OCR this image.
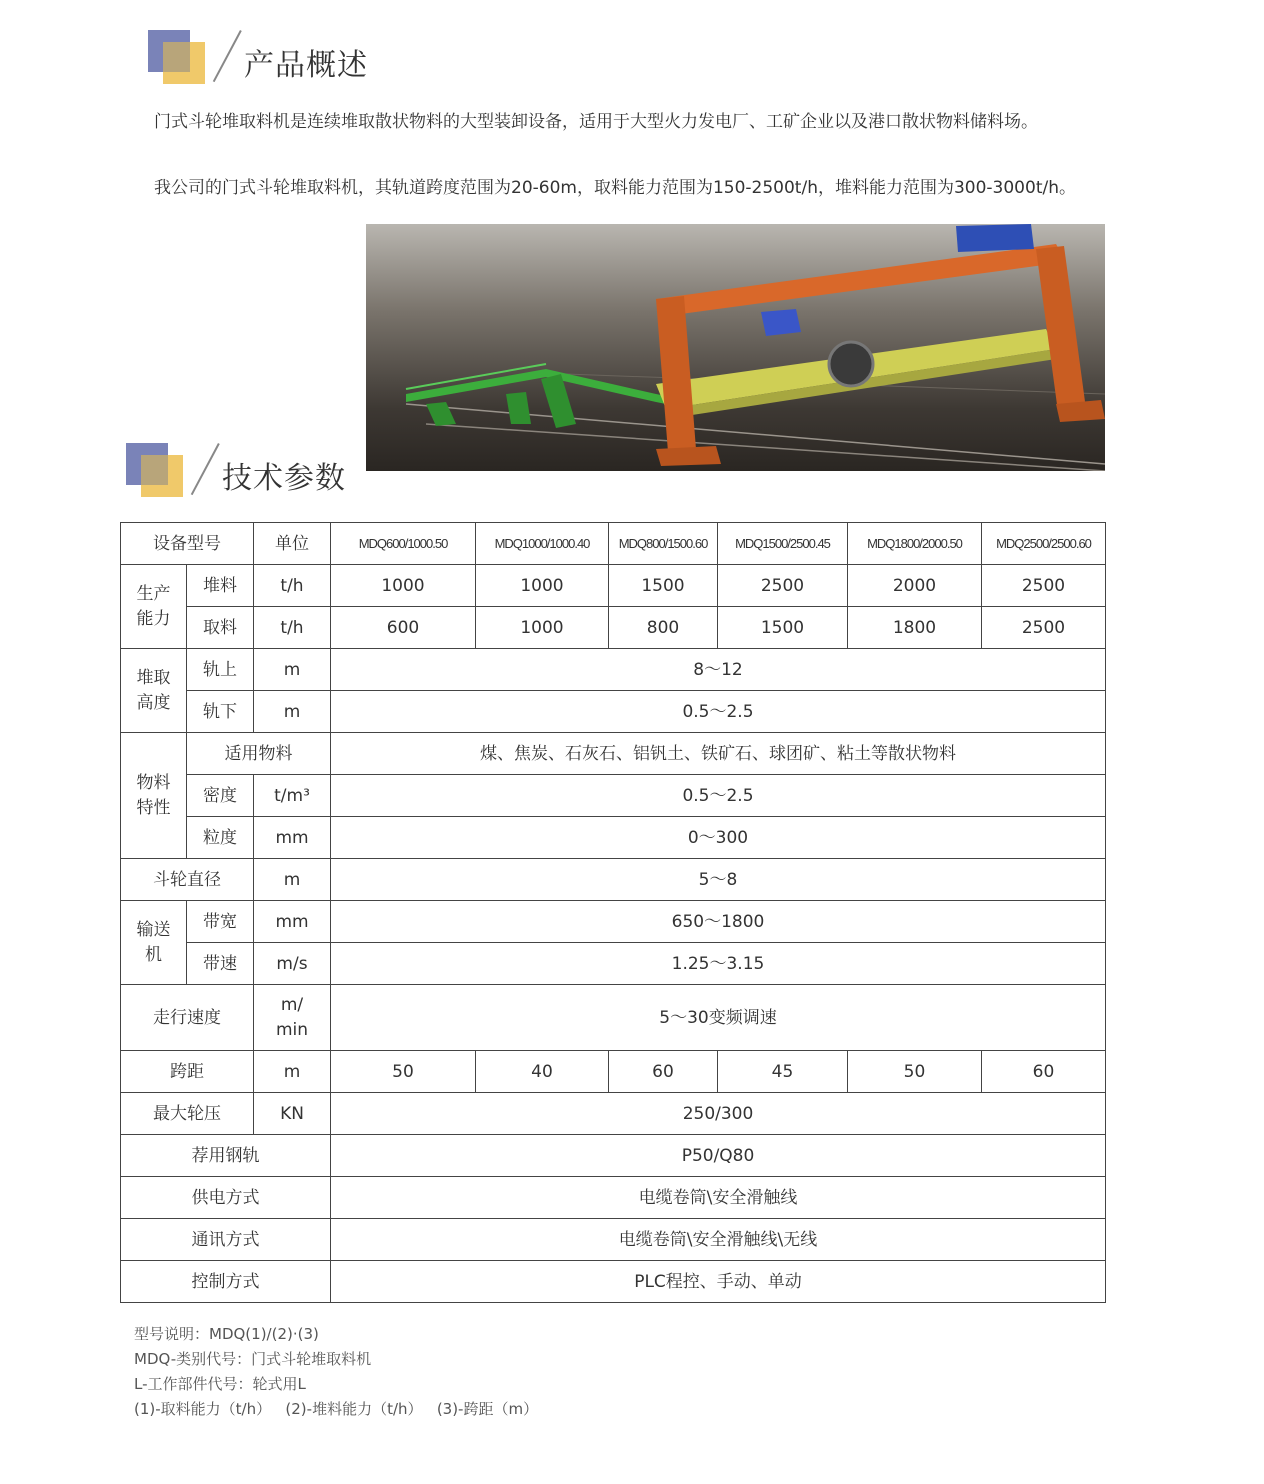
产品概述
门式斗轮堆取料机是连续堆取散状物料的大型装卸设备，适用于大型火力发电厂、工矿企业以及港口散状物料储料场。
我公司的门式斗轮堆取料机，其轨道跨度范围为20-60m，取料能力范围为150-2500t/h，堆料能力范围为300-3000t/h。
技术参数
设备型号		单位	MDQ600/1000.50	MDQ1000/1000.40	MDQ800/1500.60	MDQ1500/2500.45	MDQ1800/2000.50	MDQ2500/2500.60

生产能力	堆料	t/h	1000	1000	1500	2500	2000	2500
	取料	t/h	600	1000	800	1500	1800	2500

堆取高度	轨上	m	8～12					
	轨下	m	0.5～2.5					

物料特性	适用物料		煤、焦炭、石灰石、铝钒土、铁矿石、球团矿、粘土等散状物料					
	密度	t/m³	0.5～2.5					
	粒度	mm	0～300					
斗轮直径		m	5～8					

输送机	带宽	mm	650～1800					
	带速	m/s	1.25～3.15					
走行速度		m/ min	5～30变频调速					
跨距		m	50	40	60	45	50	60
最大轮压		KN	250/300					
荐用钢轨			P50/Q80					
供电方式			电缆卷筒\安全滑触线					
通讯方式			电缆卷筒\安全滑触线\无线					
控制方式			PLC程控、手动、单动					
型号说明：MDQ(1)/(2)·(3)
MDQ-类别代号：门式斗轮堆取料机
L-工作部件代号：轮式用L
(1)-取料能力（t/h）   (2)-堆料能力（t/h）   (3)-跨距（m）
